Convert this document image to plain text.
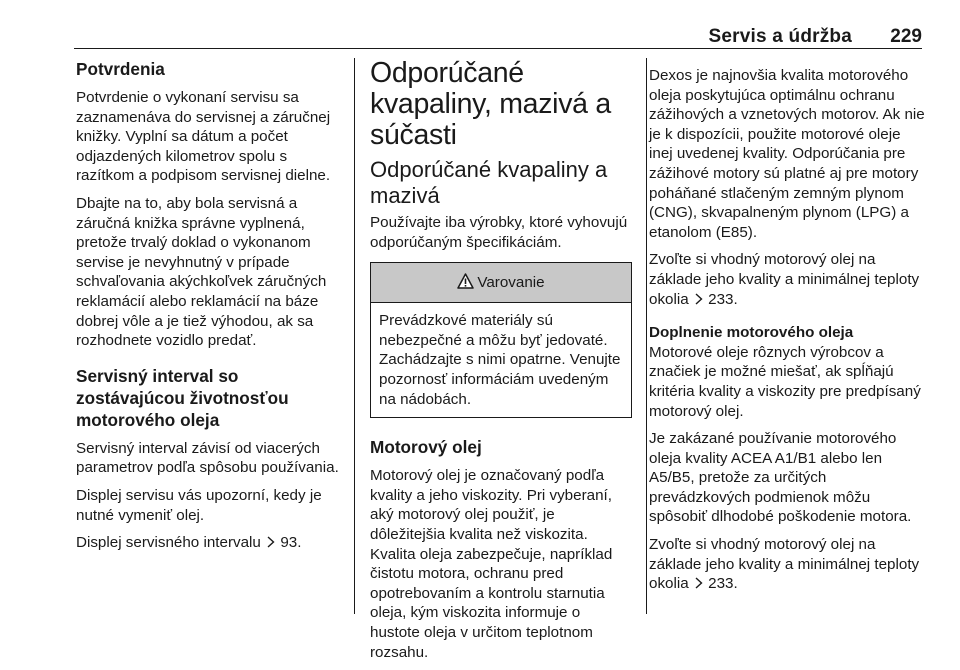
Servis a údržba 229
Potvrdenia

Potvrdenie o vykonaní servisu sa zaznamenáva do servisnej a záručnej knižky. Vyplní sa dátum a počet odjazdených kilometrov spolu s razítkom a podpisom servisnej dielne.

Dbajte na to, aby bola servisná a záručná knižka správne vyplnená, pretože trvalý doklad o vykonanom servise je nevyhnutný v prípade schvaľovania akýchkoľvek záručných reklamácií alebo reklamácií na báze dobrej vôle a je tiež výhodou, ak sa rozhodnete vozidlo predať.

Servisný interval so zostávajúcou životnosťou motorového oleja

Servisný interval závisí od viacerých parametrov podľa spôsobu používania.

Displej servisu vás upozorní, kedy je nutné vymeniť olej.

Displej servisného intervalu 93.

Odporúčané kvapaliny, mazivá a súčasti
Odporúčané kvapaliny a mazivá

Používajte iba výrobky, ktoré vyhovujú odporúčaným špecifikáciám.

Varovanie
Prevádzkové materiály sú nebezpečné a môžu byť jedovaté. Zachádzajte s nimi opatrne. Venujte pozornosť informáciám uvedeným na nádobách.
Motorový olej

Motorový olej je označovaný podľa kvality a jeho viskozity. Pri vyberaní, aký motorový olej použiť, je dôležitejšia kvalita než viskozita. Kvalita oleja zabezpečuje, napríklad čistotu motora, ochranu pred opotrebovaním a kontrolu starnutia oleja, kým viskozita informuje o hustote oleja v určitom teplotnom rozsahu.

Dexos je najnovšia kvalita motorového oleja poskytujúca optimálnu ochranu zážihových a vznetových motorov. Ak nie je k dispozícii, použite motorové oleje inej uvedenej kvality. Odporúčania pre zážihové motory sú platné aj pre motory poháňané stlačeným zemným plynom (CNG), skvapalneným plynom (LPG) a etanolom (E85).

Zvoľte si vhodný motorový olej na základe jeho kvality a minimálnej teploty okolia 233.

Doplnenie motorového oleja

Motorové oleje rôznych výrobcov a značiek je možné miešať, ak spĺňajú kritéria kvality a viskozity pre predpísaný motorový olej.

Je zakázané používanie motorového oleja kvality ACEA A1/B1 alebo len A5/B5, pretože za určitých prevádzkových podmienok môžu spôsobiť dlhodobé poškodenie motora.

Zvoľte si vhodný motorový olej na základe jeho kvality a minimálnej teploty okolia 233.
